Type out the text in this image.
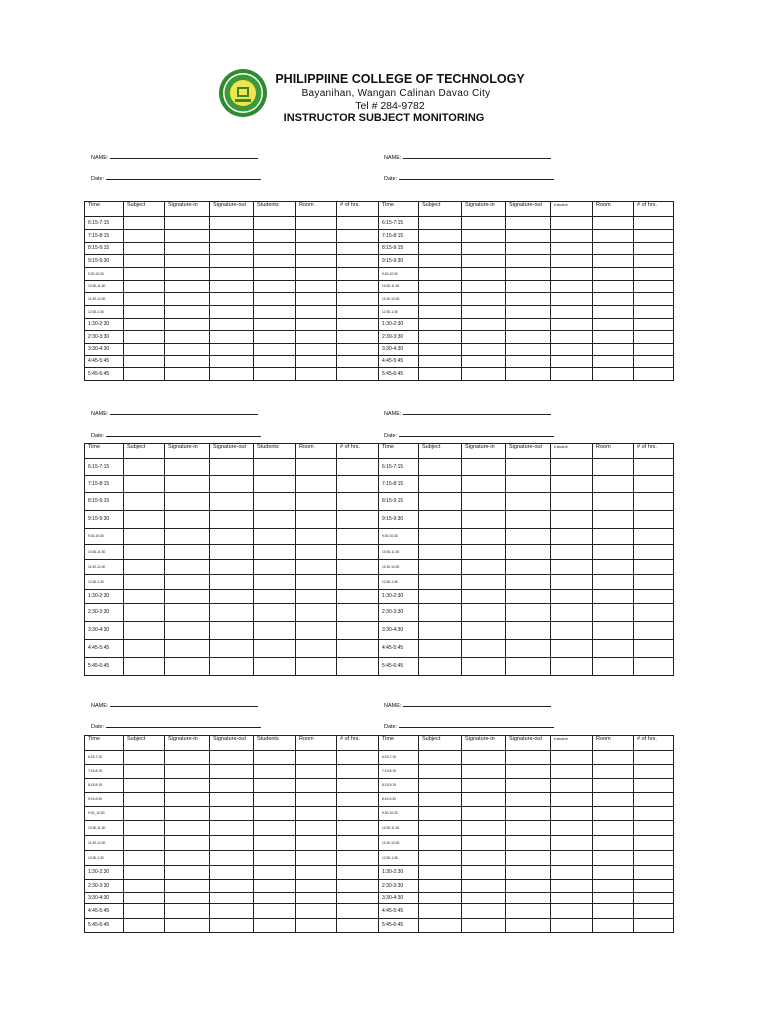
PHILIPPIINE COLLEGE OF TECHNOLOGY
Bayanihan, Wangan Calinan Davao City
Tel # 284-9782
INSTRUCTOR SUBJECT MONITORING
NAME:	NAME:
Date:	Date:
Time	Subject	Signature-in	Signature-out	Students	Room	# of hrs.	Time	Subject	Signature-in	Signature-out	# student	Room	# of hrs.
6:15-7:15							6:15-7:15						
7:15-8:15							7:15-8:15						
8:15-9:15							8:15-9:15						
9:15-9:30							9:15-9:30						
9:30-10:30							9:30-10:30						
10:30-11:30							10:30-11:30						
11:30-12:30							11:30-12:30						
12:30-1:30							12:30-1:30						
1:30-2:30							1:30-2:30						
2:30-3:30							2:30-3:30						
3:30-4:30							3:30-4:30						
4:45-5:45							4:45-5:45						
5:45-6:45							5:45-6:45						
NAME:	NAME:
Date:	Date:
Time	Subject	Signature-in	Signature-out	Students	Room	# of hrs.	Time	Subject	Signature-in	Signature-out	# student	Room	# of hrs.
6:15-7:15							6:15-7:15						
7:15-8:15							7:15-8:15						
8:15-9:15							8:15-9:15						
9:15-9:30							9:15-9:30						
9:30-10:30							9:30-10:30						
10:30-11:30							10:30-11:30						
11:30-12:30							11:30-12:30						
12:30-1:30							12:30-1:30						
1:30-2:30							1:30-2:30						
2:30-3:30							2:30-3:30						
3:30-4:30							3:30-4:30						
4:45-5:45							4:45-5:45						
5:45-6:45							5:45-6:45						
NAME:	NAME:
Date:	Date:
Time	Subject	Signature-in	Signature-out	Students	Room	# of hrs.	Time	Subject	Signature-in	Signature-out	# student	Room	# of hrs.
6:15-7:15							6:15-7:15						
7:15-8:15							7:15-8:15						
8:15-9:15							8:15-9:15						
9:15-9:30							8:15-9:30						
9:30_10:30							9:30-10:30						
10:30-11:30							10:30-11:30						
11:30-12:30							11:30-12:30						
12:30-1:30							12:30-1:30						
1:30-2:30							1:30-2:30						
2:30-3:30							2:30-3:30						
3:30-4:30							3:30-4:30						
4:45-5:45							4:45-5:45						
5:45-6:45							5:45-6:45						
